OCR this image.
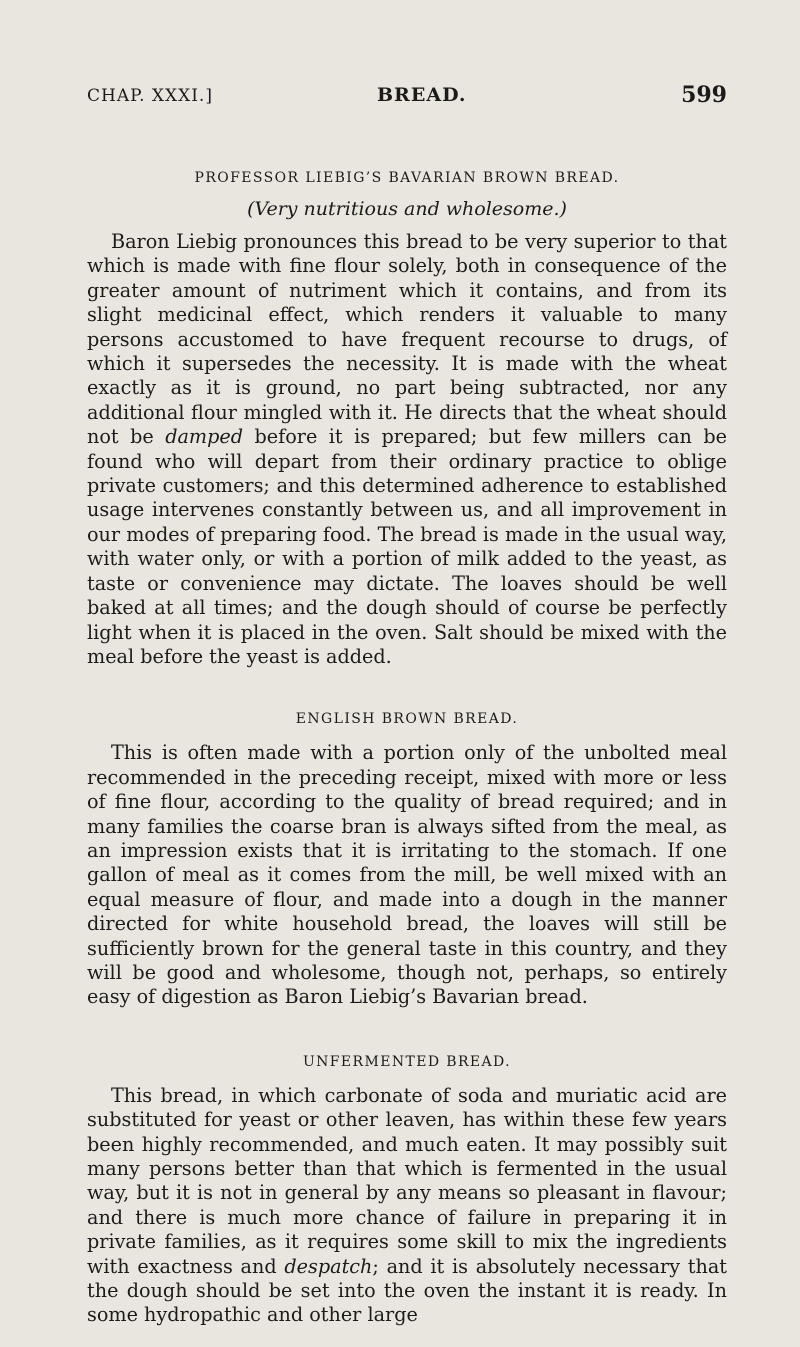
CHAP. XXXI.]	BREAD.	599
PROFESSOR LIEBIG’S BAVARIAN BROWN BREAD.
(Very nutritious and wholesome.)

Baron Liebig pronounces this bread to be very superior to that which is made with fine flour solely, both in consequence of the greater amount of nutriment which it contains, and from its slight medicinal effect, which renders it valuable to many persons accustomed to have frequent recourse to drugs, of which it supersedes the necessity. It is made with the wheat exactly as it is ground, no part being subtracted, nor any additional flour mingled with it. He directs that the wheat should not be damped before it is prepared; but few millers can be found who will depart from their ordinary practice to oblige private customers; and this determined adherence to established usage intervenes constantly between us, and all improvement in our modes of preparing food. The bread is made in the usual way, with water only, or with a portion of milk added to the yeast, as taste or convenience may dictate. The loaves should be well baked at all times; and the dough should of course be perfectly light when it is placed in the oven. Salt should be mixed with the meal before the yeast is added.

ENGLISH BROWN BREAD.

This is often made with a portion only of the unbolted meal recommended in the preceding receipt, mixed with more or less of fine flour, according to the quality of bread required; and in many families the coarse bran is always sifted from the meal, as an impression exists that it is irritating to the stomach. If one gallon of meal as it comes from the mill, be well mixed with an equal measure of flour, and made into a dough in the manner directed for white household bread, the loaves will still be sufficiently brown for the general taste in this country, and they will be good and wholesome, though not, perhaps, so entirely easy of digestion as Baron Liebig’s Bavarian bread.

UNFERMENTED BREAD.

This bread, in which carbonate of soda and muriatic acid are substituted for yeast or other leaven, has within these few years been highly recommended, and much eaten. It may possibly suit many persons better than that which is fermented in the usual way, but it is not in general by any means so pleasant in flavour; and there is much more chance of failure in preparing it in private families, as it requires some skill to mix the ingredients with exactness and despatch; and it is absolutely necessary that the dough should be set into the oven the instant it is ready. In some hydropathic and other large
